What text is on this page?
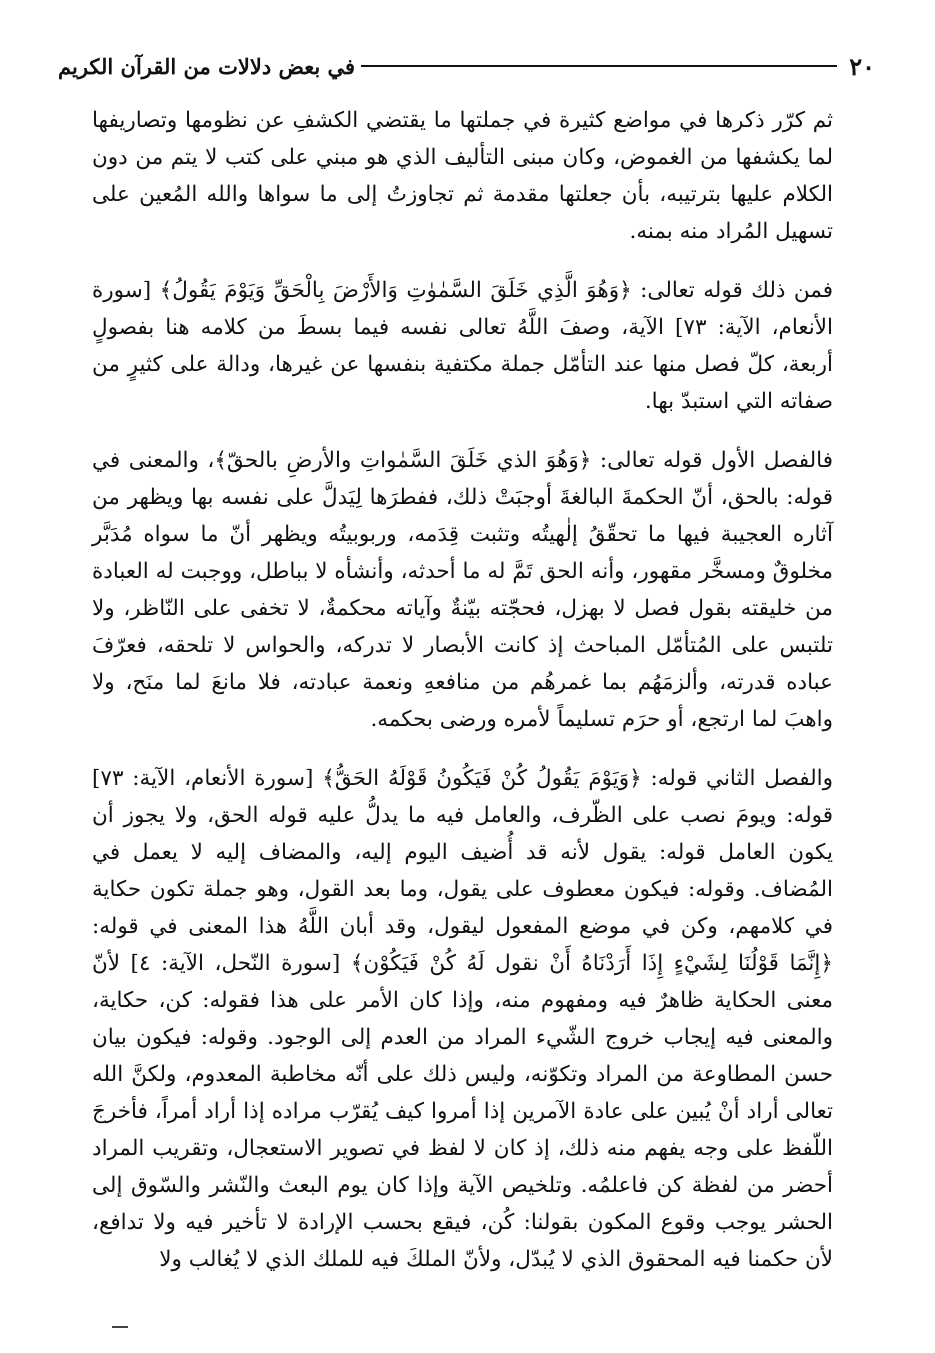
٢٠
في بعض دلالات من القرآن الكريم

ثم كرّر ذكرها في مواضع كثيرة في جملتها ما يقتضي الكشفِ عن نظومها وتصاريفها لما يكشفها من الغموض، وكان مبنى التأليف الذي هو مبني على كتب لا يتم من دون الكلام عليها بترتيبه، بأن جعلتها مقدمة ثم تجاوزتُ إلى ما سواها والله المُعين على تسهيل المُراد منه بمنه.

فمن ذلك قوله تعالى: ﴿وَهُوَ الَّذِي خَلَقَ السَّمٰوٰتِ وَالأَرْضَ بِالْحَقِّ وَيَوْمَ يَقُولُ﴾ [سورة الأنعام، الآية: ٧٣] الآية، وصفَ اللَّهُ تعالى نفسه فيما بسطَ من كلامه هنا بفصولٍ أربعة، كلّ فصل منها عند التأمّل جملة مكتفية بنفسها عن غيرها، ودالة على كثيرٍ من صفاته التي استبدّ بها.

فالفصل الأول قوله تعالى: ﴿وَهُوَ الذي خَلَقَ السَّمٰواتِ والأرضِ بالحقّ﴾، والمعنى في قوله: بالحق، أنّ الحكمةَ البالغةَ أوجبَتْ ذلك، ففطرَها لِيَدلَّ على نفسه بها ويظهر من آثاره العجيبة فيها ما تحقّقُ إلٰهيتُه وتثبت قِدَمه، وربوبيتُه ويظهر أنّ ما سواه مُدَبَّر مخلوقٌ ومسخَّر مقهور، وأنه الحق تَمَّ له ما أحدثه، وأنشأه لا بباطل، ووجبت له العبادة من خليقته بقول فصل لا بهزل، فحجّته بيّنةٌ وآياته محكمةٌ، لا تخفى على النّاظر، ولا تلتبس على المُتأمّل المباحث إذ كانت الأبصار لا تدركه، والحواس لا تلحقه، فعرّفَ عباده قدرته، وألزمَهُم بما غمرهُم من منافعهِ ونعمة عبادته، فلا مانعَ لما منَح، ولا واهبَ لما ارتجع، أو حرَم تسليماً لأمره ورضى بحكمه.

والفصل الثاني قوله: ﴿وَيَوْمَ يَقُولُ كُنْ فَيَكُونُ قَوْلَهُ الحَقُّ﴾ [سورة الأنعام، الآية: ٧٣] قوله: ويومَ نصب على الظّرف، والعامل فيه ما يدلُّ عليه قوله الحق، ولا يجوز أن يكون العامل قوله: يقول لأنه قد أُضيف اليوم إليه، والمضاف إليه لا يعمل في المُضاف. وقوله: فيكون معطوف على يقول، وما بعد القول، وهو جملة تكون حكاية في كلامهم، وكن في موضع المفعول ليقول، وقد أبان اللَّهُ هذا المعنى في قوله: ﴿إِنَّمَا قَوْلُنَا لِشَيْءٍ إِذَا أَرَدْنَاهُ أَنْ نقول لَهُ كُنْ فَيَكُوْن﴾ [سورة النّحل، الآية: ٤] لأنّ معنى الحكاية ظاهرٌ فيه ومفهوم منه، وإذا كان الأمر على هذا فقوله: كن، حكاية، والمعنى فيه إيجاب خروج الشّيء المراد من العدم إلى الوجود. وقوله: فيكون بيان حسن المطاوعة من المراد وتكوّنه، وليس ذلك على أنّه مخاطبة المعدوم، ولكنَّ الله تعالى أراد أنْ يُبين على عادة الآمرين إذا أمروا كيف يُقرّب مراده إذا أراد أمراً، فأخرجَ اللّفظ على وجه يفهم منه ذلك، إذ كان لا لفظ في تصوير الاستعجال، وتقريب المراد أحضر من لفظة كن فاعلمُه. وتلخيص الآية وإذا كان يوم البعث والنّشر والسّوق إلى الحشر يوجب وقوع المكون بقولنا: كُن، فيقع بحسب الإرادة لا تأخير فيه ولا تدافع، لأن حكمنا فيه المحقوق الذي لا يُبدّل، ولأنّ الملكَ فيه للملك الذي لا يُغالب ولا
